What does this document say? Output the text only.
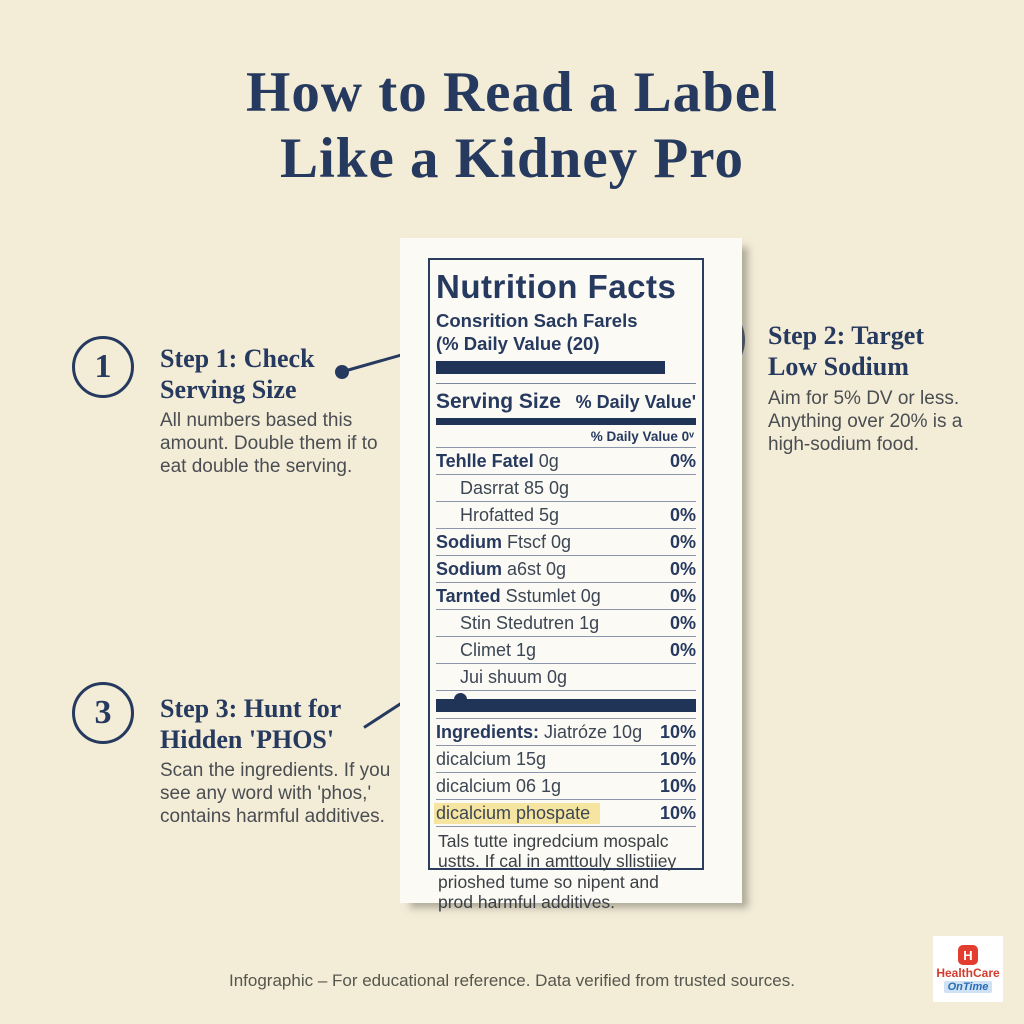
How to Read a Label
Like a Kidney Pro
1
3
Step 1: Check
Serving Size
All numbers based this amount. Double them if to eat double the serving.
Step 2: Target
Low Sodium
Aim for 5% DV or less. Anything over 20% is a high-sodium food.
Step 3: Hunt for
Hidden 'PHOS'
Scan the ingredients. If you see any word with 'phos,' contains harmful additives.
Nutrition Facts
Consrition Sach Farels
(% Daily Value (20)
Serving Size % Daily Value'
% Daily Value 0ᵛ
Tehlle Fatel 0g	0%
Dasrrat 85 0g
Hrofatted 5g	0%
Sodium Ftscf 0g	0%
Sodium a6st 0g	0%
Tarnted Sstumlet 0g	0%
Stin Stedutren 1g	0%
Climet 1g	0%
Jui shuum 0g
Ingredients: Jiatróze 10g 10%
dicalcium 15g	10%
dicalcium 06 1g	10%
dicalcium phospate	10%
Tals tutte ingredcium mospalc ustts. If cal in amttouly sllistiiey prioshed tume so nipent and prod harmful additives.
Infographic – For educational reference. Data verified from trusted sources.
H
HealthCare
OnTime
